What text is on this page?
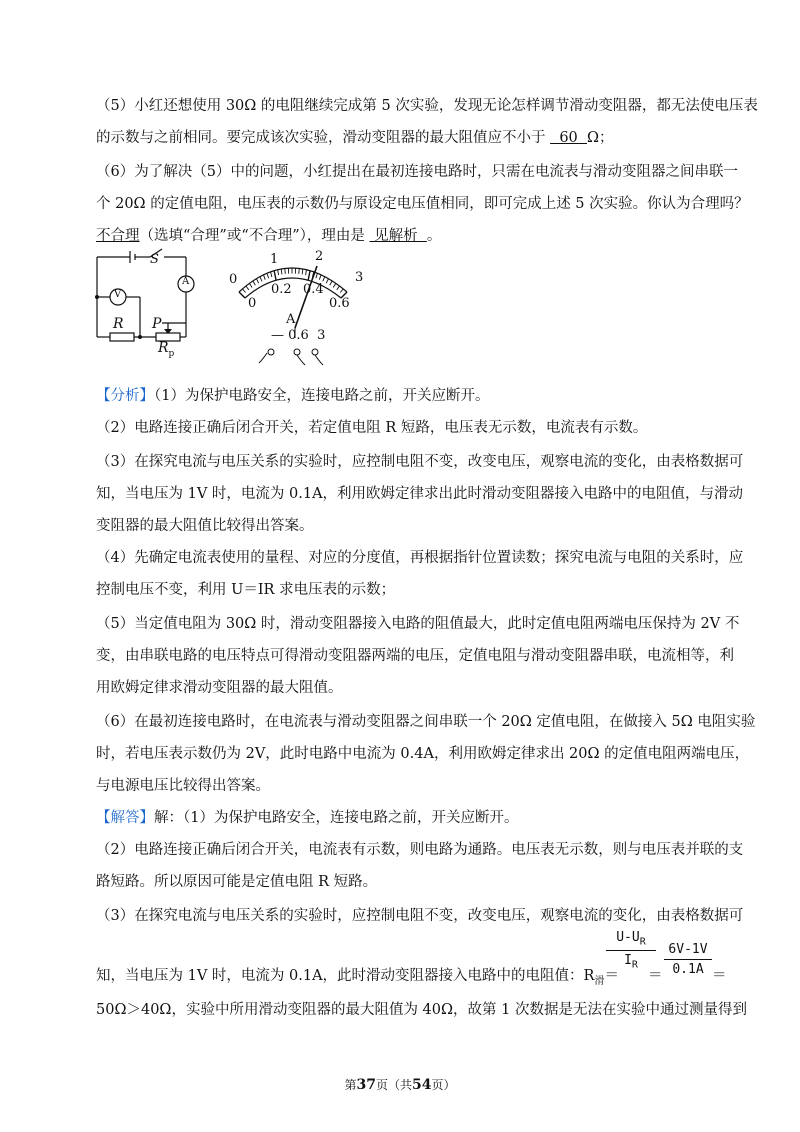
（5）小红还想使用 30Ω 的电阻继续完成第 5 次实验，发现无论怎样调节滑动变阻器，都无法使电压表
的示数与之前相同。要完成该次实验，滑动变阻器的最大阻值应不小于   60  Ω；
（6）为了解决（5）中的问题，小红提出在最初连接电路时，只需在电流表与滑动变阻器之间串联一
个 20Ω 的定值电阻，电压表的示数仍与原设定电压值相同，即可完成上述 5 次实验。你认为合理吗？
不合理（选填“合理”或“不合理”），理由是  见解析  。
S
V
A
R P
$R_p$
0
1	2
3
0
0.2 0.4
0.6
A
— 0.6  3
【分析】（1）为保护电路安全，连接电路之前，开关应断开。
（2）电路连接正确后闭合开关，若定值电阻 R 短路，电压表无示数，电流表有示数。
（3）在探究电流与电压关系的实验时，应控制电阻不变，改变电压，观察电流的变化，由表格数据可
知，当电压为 1V 时，电流为 0.1A，利用欧姆定律求出此时滑动变阻器接入电路中的电阻值，与滑动
变阻器的最大阻值比较得出答案。
（4）先确定电流表使用的量程、对应的分度值，再根据指针位置读数；探究电流与电阻的关系时，应
控制电压不变，利用 U＝IR 求电压表的示数；
（5）当定值电阻为 30Ω 时，滑动变阻器接入电路的阻值最大，此时定值电阻两端电压保持为 2V 不
变，由串联电路的电压特点可得滑动变阻器两端的电压，定值电阻与滑动变阻器串联，电流相等，利
用欧姆定律求滑动变阻器的最大阻值。
（6）在最初连接电路时，在电流表与滑动变阻器之间串联一个 20Ω 定值电阻，在做接入 5Ω 电阻实验
时，若电压表示数仍为 2V，此时电路中电流为 0.4A，利用欧姆定律求出 20Ω 的定值电阻两端电压，
与电源电压比较得出答案。
【解答】解：（1）为保护电路安全，连接电路之前，开关应断开。
（2）电路连接正确后闭合开关，电流表有示数，则电路为通路。电压表无示数，则与电压表并联的支
路短路。所以原因可能是定值电阻 R 短路。
（3）在探究电流与电压关系的实验时，应控制电阻不变，改变电压，观察电流的变化，由表格数据可
知，当电压为 1V 时，电流为 0.1A，此时滑动变阻器接入电路中的电阻值：$R_滑=$
$\frac{U-U_R}{I_R}$
＝ $\frac{6V-1V}{0.1A}$ ＝
50Ω＞40Ω，实验中所用滑动变阻器的最大阻值为 40Ω，故第 1 次数据是无法在实验中通过测量得到
第37页（共54页）
